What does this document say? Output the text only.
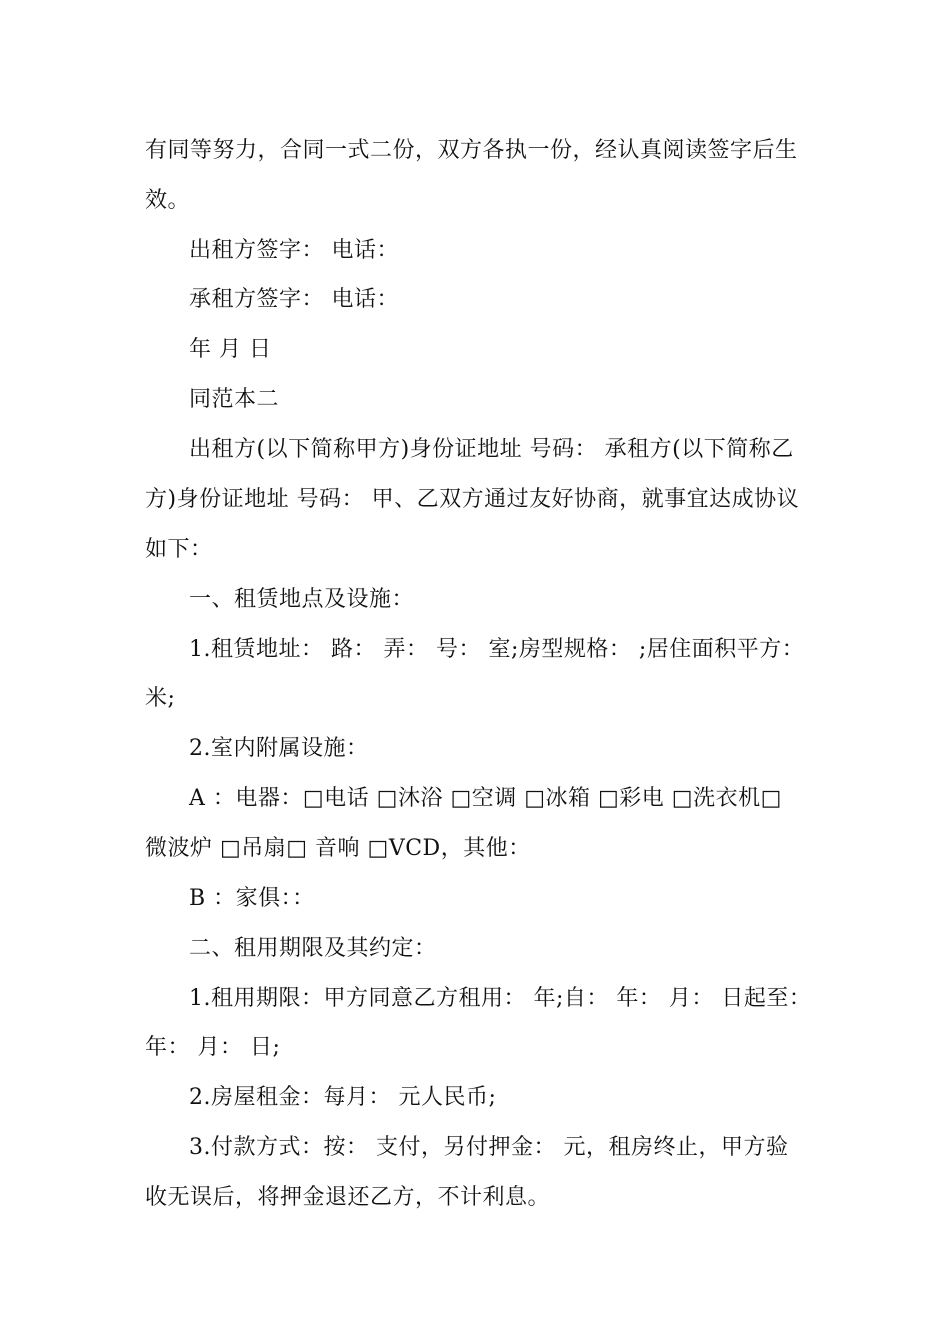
有同等努力，合同一式二份，双方各执一份，经认真阅读签字后生
效。
出租方签字： 电话：
承租方签字： 电话：
年 月 日
同范本二
出租方(以下简称甲方)身份证地址 号码： 承租方(以下简称乙
方)身份证地址 号码： 甲、乙双方通过友好协商，就事宜达成协议
如下：
一、租赁地点及设施：
1.租赁地址： 路： 弄： 号： 室;房型规格： ;居住面积平方：
米;
2.室内附属设施：
A ：电器：□电话 □沐浴 □空调 □冰箱 □彩电 □洗衣机□
微波炉 □吊扇□ 音响 □VCD，其他：
B ：家俱：：
二、租用期限及其约定：
1.租用期限：甲方同意乙方租用： 年;自： 年： 月： 日起至：
年： 月： 日;
2.房屋租金：每月： 元人民币;
3.付款方式：按： 支付，另付押金： 元，租房终止，甲方验
收无误后，将押金退还乙方，不计利息。
